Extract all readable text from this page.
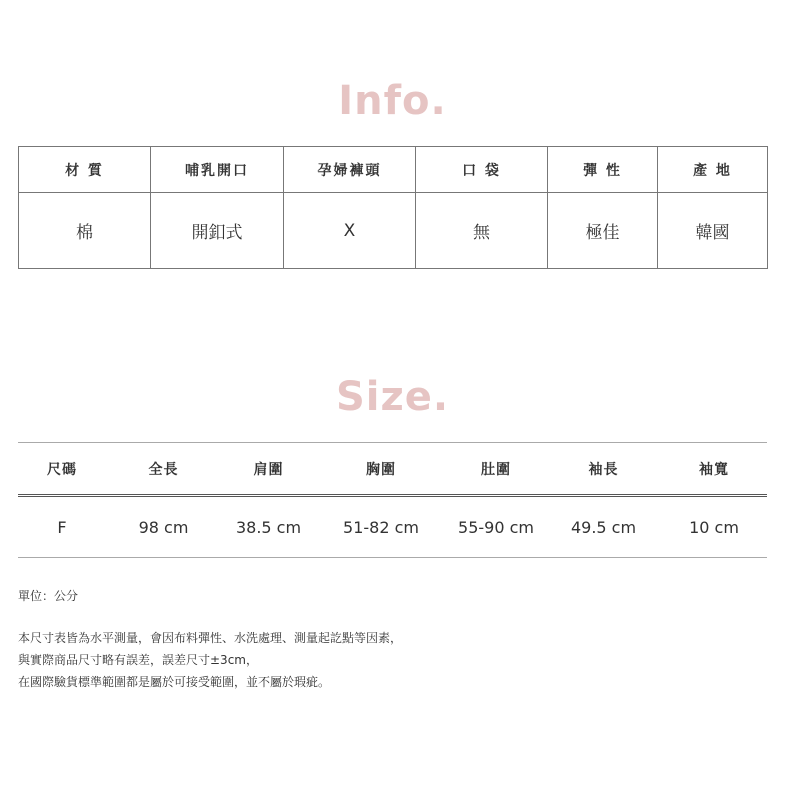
Info.
材 質	哺乳開口	孕婦褲頭	口 袋	彈 性	產 地
棉	開釦式	X	無	極佳	韓國
Size.
尺碼	全長	肩圍	胸圍	肚圍	袖長	袖寬
F	98 cm	38.5 cm	51-82 cm	55-90 cm	49.5 cm	10 cm
單位：公分
本尺寸表皆為水平測量，會因布料彈性、水洗處理、測量起訖點等因素，
與實際商品尺寸略有誤差，誤差尺寸±3cm，
在國際驗貨標準範圍都是屬於可接受範圍，並不屬於瑕疵。
